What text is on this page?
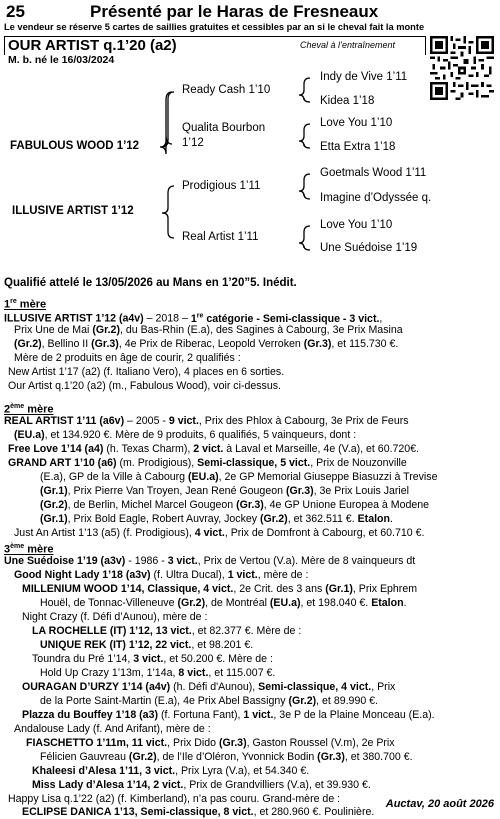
25	Présenté par le Haras de Fresneaux
Le vendeur se réserve 5 cartes de saillies gratuites et cessibles par an si le cheval fait la monte
OUR ARTIST q.1’20 (a2)	Cheval à l’entraînement
M. b. né le 16/03/2024
FABULOUS WOOD 1’12
ILLUSIVE ARTIST 1’12
Ready Cash 1’10
Qualita Bourbon
1’12
Prodigious 1’11
Real Artist 1’11
Indy de Vive 1’11
Kidea 1’18
Love You 1’10
Etta Extra 1’18
Goetmals Wood 1’11
Imagine d’Odyssée q.
Love You 1’10
Une Suédoise 1’19
Qualifié attelé le 13/05/2026 au Mans en 1’20”5. Inédit.
1re mère
ILLUSIVE ARTIST 1’12 (a4v) – 2018 – 1re catégorie - Semi-classique - 3 vict.,
Prix Une de Mai (Gr.2), du Bas-Rhin (E.a), des Sagines à Cabourg, 3e Prix Masina
(Gr.2), Bellino II (Gr.3), 4e Prix de Riberac, Leopold Verroken (Gr.3), et 115.730 €.
Mère de 2 produits en âge de courir, 2 qualifiés :
New Artist 1’17 (a2) (f. Italiano Vero), 4 places en 6 sorties.
Our Artist q.1’20 (a2) (m., Fabulous Wood), voir ci-dessus.
2ème mère
REAL ARTIST 1’11 (a6v) – 2005 - 9 vict., Prix des Phlox à Cabourg, 3e Prix de Feurs
(EU.a), et 134.920 €. Mère de 9 produits, 6 qualifiés, 5 vainqueurs, dont :
Free Love 1’14 (a4) (h. Texas Charm), 2 vict. à Laval et Marseille, 4e (V.a), et 60.720€.
GRAND ART 1’10 (a6) (m. Prodigious), Semi-classique, 5 vict., Prix de Nouzonville
(E.a), GP de la Ville à Cabourg (EU.a), 2e GP Memorial Giuseppe Biasuzzi à Trevise
(Gr.1), Prix Pierre Van Troyen, Jean René Gougeon (Gr.3), 3e Prix Louis Jariel
(Gr.2), de Berlin, Michel Marcel Gougeon (Gr.3), 4e GP Unione Europea à Modene
(Gr.1), Prix Bold Eagle, Robert Auvray, Jockey (Gr.2), et 362.511 €. Etalon.
Just An Artist 1’13 (a5) (f. Prodigious), 4 vict., Prix de Domfront à Cabourg, et 60.710 €.
3ème mère
Une Suédoise 1’19 (a3v) - 1986 - 3 vict., Prix de Vertou (V.a). Mère de 8 vainqueurs dt
Good Night Lady 1’18 (a3v) (f. Ultra Ducal), 1 vict., mère de :
MILLENIUM WOOD 1’14, Classique, 4 vict., 2e Crit. des 3 ans (Gr.1), Prix Ephrem
Houël, de Tonnac-Villeneuve (Gr.2), de Montréal (EU.a), et 198.040 €. Etalon.
Night Crazy (f. Défi d’Aunou), mère de :
LA ROCHELLE (IT) 1’12, 13 vict., et 82.377 €. Mère de :
UNIQUE REK (IT) 1’12, 22 vict., et 98.201 €.
Toundra du Pré 1’14, 3 vict., et 50.200 €. Mère de :
Hold Up Crazy 1’13m, 1’14a, 8 vict., et 115.007 €.
OURAGAN D’URZY 1’14 (a4v) (h. Défi d'Aunou), Semi-classique, 4 vict., Prix
de la Porte Saint-Martin (E.a), 4e Prix Abel Bassigny (Gr.2), et 89.990 €.
Plazza du Bouffey 1’18 (a3) (f. Fortuna Fant), 1 vict., 3e P de la Plaine Monceau (E.a).
Andalouse Lady (f. And Arifant), mère de :
FIASCHETTO 1’11m, 11 vict., Prix Dido (Gr.3), Gaston Roussel (V.m), 2e Prix
Félicien Gauvreau (Gr.2), de l’Ile d’Oléron, Yvonnick Bodin (Gr.3), et 380.700 €.
Khaleesi d’Alesa 1’11, 3 vict., Prix Lyra (V.a), et 54.340 €.
Miss Lady d’Alesa 1’14, 2 vict., Prix de Grandvilliers (V.a), et 39.930 €.
Happy Lisa q.1’22 (a2) (f. Kimberland), n’a pas couru. Grand-mère de :
ECLIPSE DANICA 1’13, Semi-classique, 8 vict., et 280.960 €. Poulinière.
Auctav, 20 août 2026
